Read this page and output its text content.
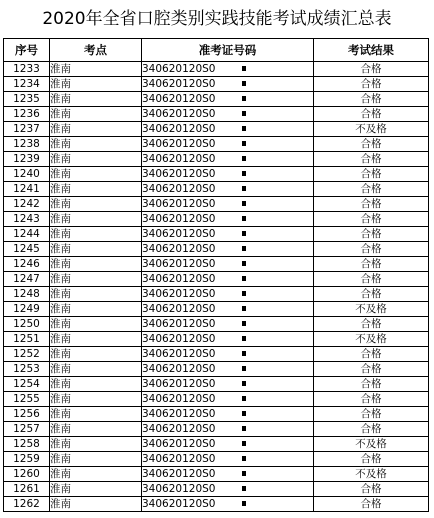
2020年全省口腔类别实践技能考试成绩汇总表
序号	考点	准考证号码	考试结果
1233	淮南	340620120S0	合格
1234	淮南	340620120S0	合格
1235	淮南	340620120S0	合格
1236	淮南	340620120S0	合格
1237	淮南	340620120S0	不及格
1238	淮南	340620120S0	合格
1239	淮南	340620120S0	合格
1240	淮南	340620120S0	合格
1241	淮南	340620120S0	合格
1242	淮南	340620120S0	合格
1243	淮南	340620120S0	合格
1244	淮南	340620120S0	合格
1245	淮南	340620120S0	合格
1246	淮南	340620120S0	合格
1247	淮南	340620120S0	合格
1248	淮南	340620120S0	合格
1249	淮南	340620120S0	不及格
1250	淮南	340620120S0	合格
1251	淮南	340620120S0	不及格
1252	淮南	340620120S0	合格
1253	淮南	340620120S0	合格
1254	淮南	340620120S0	合格
1255	淮南	340620120S0	合格
1256	淮南	340620120S0	合格
1257	淮南	340620120S0	合格
1258	淮南	340620120S0	不及格
1259	淮南	340620120S0	合格
1260	淮南	340620120S0	不及格
1261	淮南	340620120S0	合格
1262	淮南	340620120S0	合格
